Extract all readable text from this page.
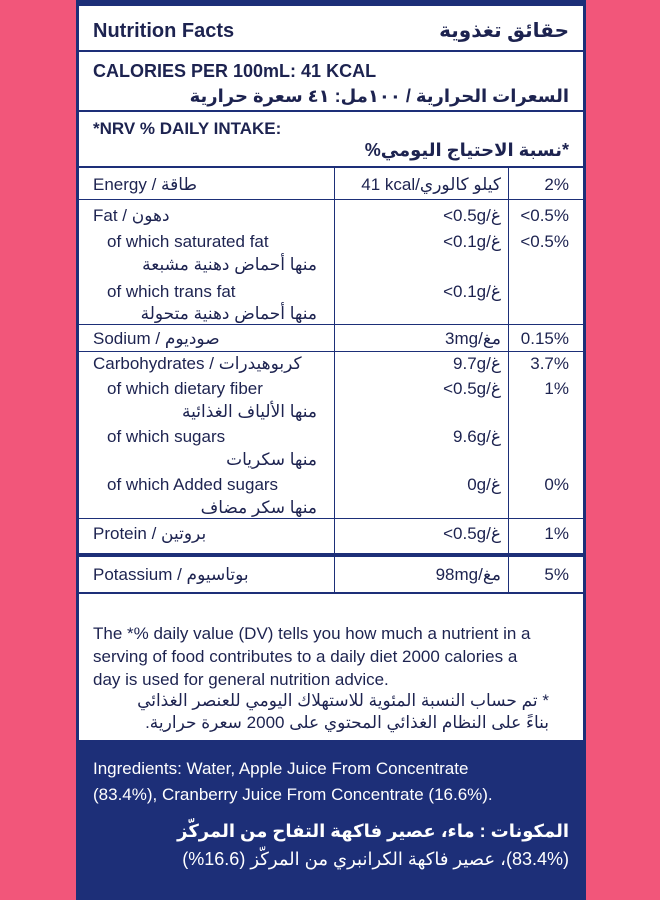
Nutrition Facts	حقائق تغذوية
CALORIES PER 100mL: 41 KCAL
السعرات الحرارية / ١٠٠مل: ٤١ سعرة حرارية
*NRV % DAILY INTAKE:
*نسبة الاحتياج اليومي%
Energy / طاقة	41 kcal/كيلو كالوري	2%
Fat / دهون	<0.5g/غ <0.5%
of which saturated fat
منها أحماض دهنية مشبعة
<0.1g/غ <0.5%
of which trans fat
منها أحماض دهنية متحولة
<0.1g/غ
Sodium / صوديوم	3mg/مغ 0.15%
Carbohydrates / كربوهيدرات	9.7g/غ 3.7%
of which dietary fiber
منها الألياف الغذائية
<0.5g/غ	1%
of which sugars
منها سكريات
9.6g/غ
of which Added sugars
منها سكر مضاف
0g/غ	0%
Protein / بروتين	<0.5g/غ	1%
Potassium / بوتاسيوم	98mg/مغ	5%
The *% daily value (DV) tells you how much a nutrient in a
serving of food contributes to a daily diet 2000 calories a
day is used for general nutrition advice.
* تم حساب النسبة المئوية للاستهلاك اليومي للعنصر الغذائي
بناءً على النظام الغذائي المحتوي على 2000 سعرة حرارية.
Ingredients: Water, Apple Juice From Concentrate
(83.4%), Cranberry Juice From Concentrate (16.6%).
المكونات : ماء، عصير فاكهة التفاح من المركّز
(83.4%)، عصير فاكهة الكرانبري من المركّز (16.6%)
